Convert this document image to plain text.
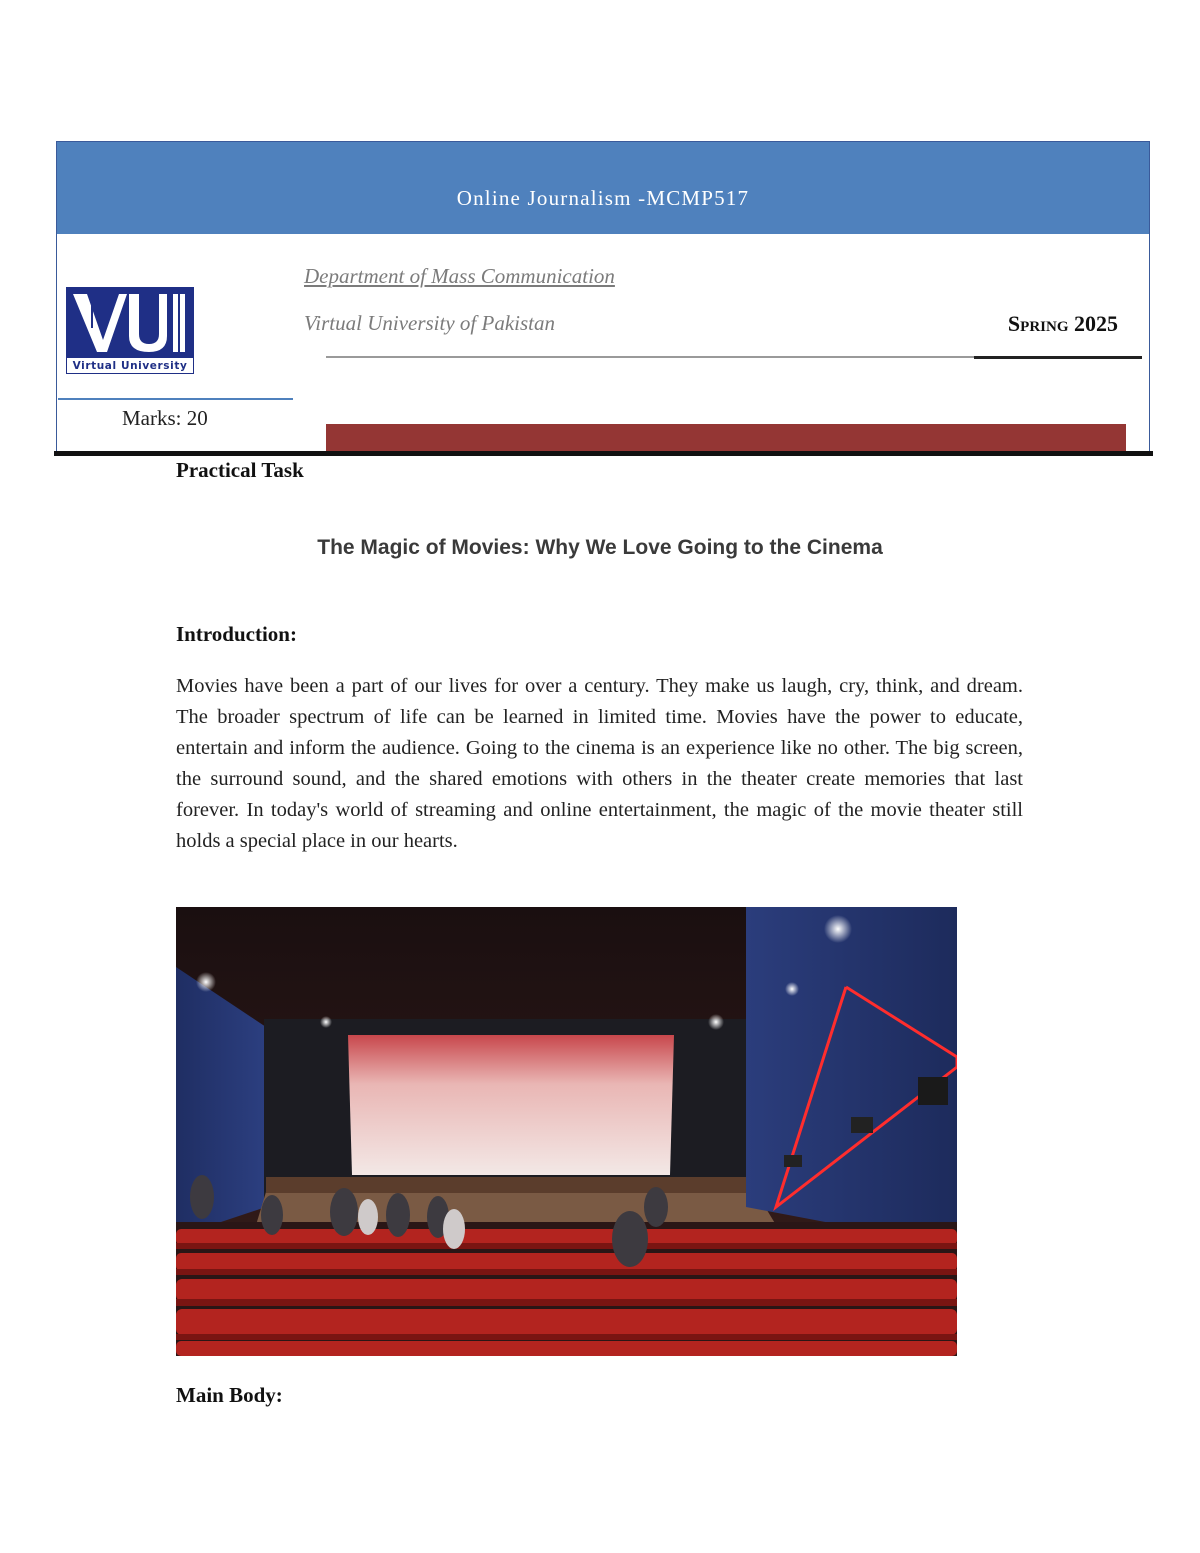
Online Journalism -MCMP517
Virtual University
Marks: 20
Department of Mass Communication
Virtual University of Pakistan	Spring 2025
Practical Task
The Magic of Movies: Why We Love Going to the Cinema
Introduction:
Movies have been a part of our lives for over a century. They make us laugh, cry, think, and dream. The broader spectrum of life can be learned in limited time. Movies have the power to educate, entertain and inform the audience. Going to the cinema is an experience like no other. The big screen, the surround sound, and the shared emotions with others in the theater create memories that last forever. In today's world of streaming and online entertainment, the magic of the movie theater still holds a special place in our hearts.
Main Body:
